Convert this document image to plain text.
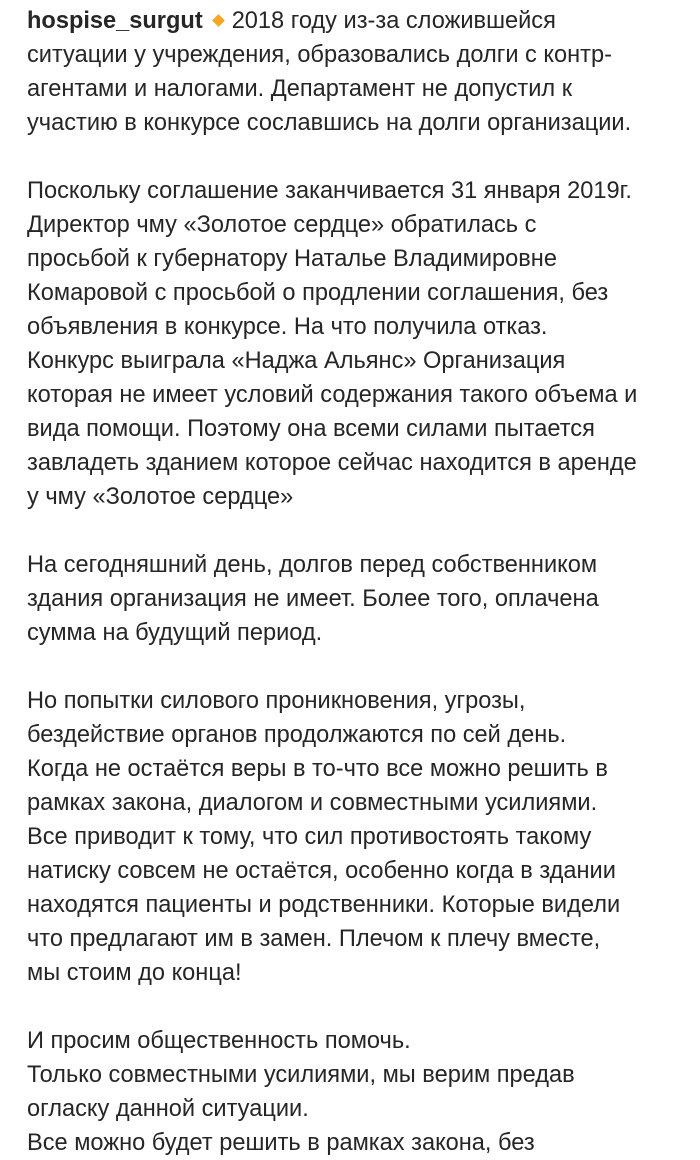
hospise_surgut 2018 году из-за сложившейся
ситуации у учреждения, образовались долги с контр-
агентами и налогами. Департамент не допустил к
участию в конкурсе сославшись на долги организации.
Поскольку соглашение заканчивается 31 января 2019г.
Директор чму «Золотое сердце» обратилась с
просьбой к губернатору Наталье Владимировне
Комаровой с просьбой о продлении соглашения, без
объявления в конкурсе. На что получила отказ.
Конкурс выиграла «Наджа Альянс» Организация
которая не имеет условий содержания такого объема и
вида помощи. Поэтому она всеми силами пытается
завладеть зданием которое сейчас находится в аренде
у чму «Золотое сердце»
На сегодняшний день, долгов перед собственником
здания организация не имеет. Более того, оплачена
сумма на будущий период.
Но попытки силового проникновения, угрозы,
бездействие органов продолжаются по сей день.
Когда не остаётся веры в то-что все можно решить в
рамках закона, диалогом и совместными усилиями.
Все приводит к тому, что сил противостоять такому
натиску совсем не остаётся, особенно когда в здании
находятся пациенты и родственники. Которые видели
что предлагают им в замен. Плечом к плечу вместе,
мы стоим до конца!
И просим общественность помочь.
Только совместными усилиями, мы верим предав
огласку данной ситуации.
Все можно будет решить в рамках закона, без
